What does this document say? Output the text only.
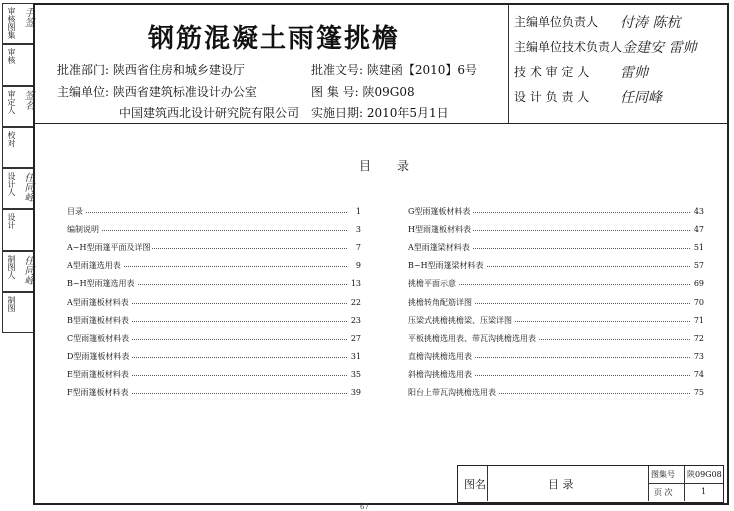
审核图集 手签
审核
审定人 签名
校对
设计人 任同峰
设计
制图人 任同峰
制图
钢筋混凝土雨篷挑檐
批准部门: 陕西省住房和城乡建设厅
主编单位: 陕西省建筑标准设计办公室
中国建筑西北设计研究院有限公司
批准文号: 陕建函【2010】6号
图 集 号: 陕09G08
实施日期: 2010年5月1日
主编单位负责人 付涛 陈杭
主编单位技术负责人 金建安 雷帅
技 术 审 定 人 雷帅
设 计 负 责 人 任同峰
目录
目录	1
编制说明	3
A~H型雨篷平面及详图	7
A型雨篷选用表	9
B~H型雨篷选用表	13
A型雨篷板材料表	22
B型雨篷板材料表	23
C型雨篷板材料表	27
D型雨篷板材料表	31
E型雨篷板材料表	35
F型雨篷板材料表	39
G型雨篷板材料表	43
H型雨篷板材料表	47
A型雨篷梁材料表	51
B~H型雨篷梁材料表	57
挑檐平面示意	69
挑檐转角配筋详图	70
压梁式挑檐挑檐梁、压梁详图	71
平板挑檐选用表、带瓦沟挑檐选用表	72
直檐沟挑檐选用表	73
斜檐沟挑檐选用表	74
阳台上带瓦沟挑檐选用表	75
图名	目 录
图集号 陕09G08
页 次	1
67
